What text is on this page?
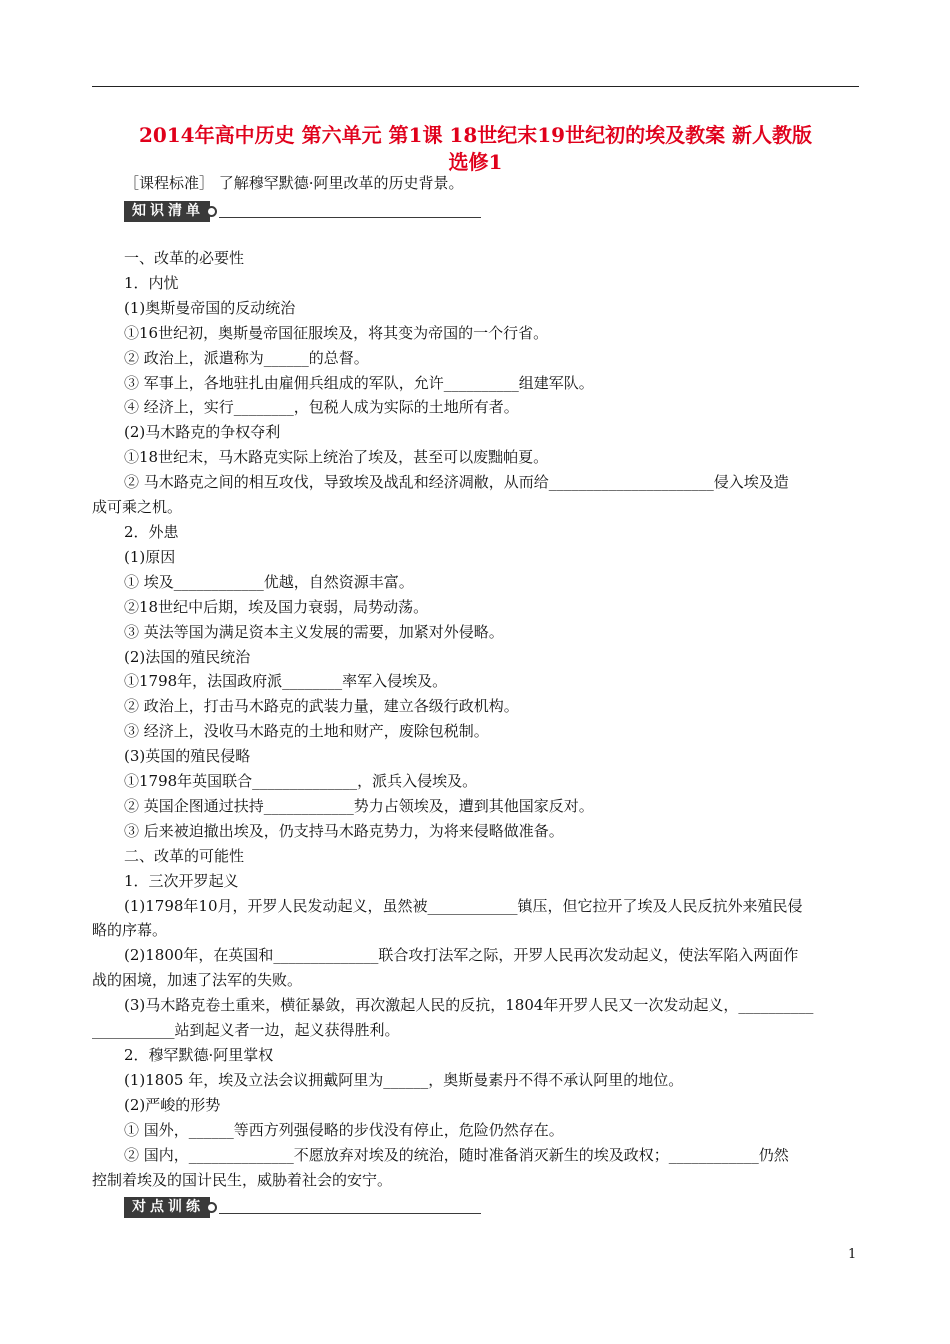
2014年高中历史 第六单元 第1课 18世纪末19世纪初的埃及教案 新人教版
选修1
［课程标准］ 了解穆罕默德·阿里改革的历史背景。
知识清单
一、改革的必要性
1．内忧
(1)奥斯曼帝国的反动统治
①16世纪初，奥斯曼帝国征服埃及，将其变为帝国的一个行省。
② 政治上，派遣称为______的总督。
③ 军事上，各地驻扎由雇佣兵组成的军队，允许__________组建军队。
④ 经济上，实行________，包税人成为实际的土地所有者。
(2)马木路克的争权夺利
①18世纪末，马木路克实际上统治了埃及，甚至可以废黜帕夏。
② 马木路克之间的相互攻伐，导致埃及战乱和经济凋敝，从而给______________________侵入埃及造
成可乘之机。
2．外患
(1)原因
① 埃及____________优越，自然资源丰富。
②18世纪中后期，埃及国力衰弱，局势动荡。
③ 英法等国为满足资本主义发展的需要，加紧对外侵略。
(2)法国的殖民统治
①1798年，法国政府派________率军入侵埃及。
② 政治上，打击马木路克的武装力量，建立各级行政机构。
③ 经济上，没收马木路克的土地和财产，废除包税制。
(3)英国的殖民侵略
①1798年英国联合______________，派兵入侵埃及。
② 英国企图通过扶持____________势力占领埃及，遭到其他国家反对。
③ 后来被迫撤出埃及，仍支持马木路克势力，为将来侵略做准备。
二、改革的可能性
1．三次开罗起义
(1)1798年10月，开罗人民发动起义，虽然被____________镇压，但它拉开了埃及人民反抗外来殖民侵
略的序幕。
(2)1800年，在英国和______________联合攻打法军之际，开罗人民再次发动起义，使法军陷入两面作
战的困境，加速了法军的失败。
(3)马木路克卷土重来，横征暴敛，再次激起人民的反抗，1804年开罗人民又一次发动起义，__________
___________站到起义者一边，起义获得胜利。
2．穆罕默德·阿里掌权
(1)1805 年，埃及立法会议拥戴阿里为______，奥斯曼素丹不得不承认阿里的地位。
(2)严峻的形势
① 国外，______等西方列强侵略的步伐没有停止，危险仍然存在。
② 国内，______________不愿放弃对埃及的统治，随时准备消灭新生的埃及政权；____________仍然
控制着埃及的国计民生，威胁着社会的安宁。
对点训练
1
